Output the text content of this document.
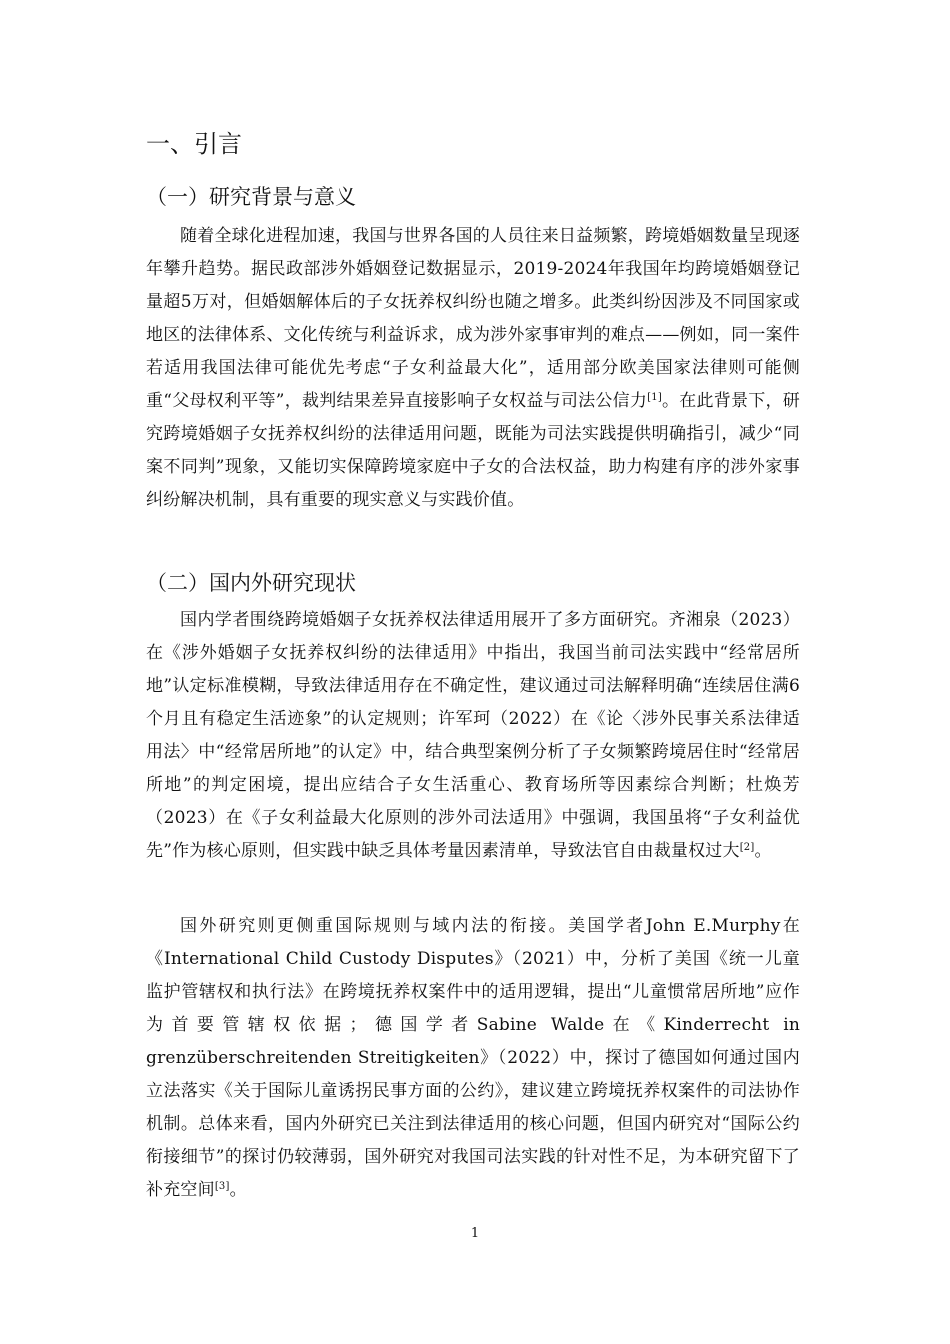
一、引言
（一）研究背景与意义

随着全球化进程加速，我国与世界各国的人员往来日益频繁，跨境婚姻数量呈现逐年攀升趋势。据民政部涉外婚姻登记数据显示，2019-2024年我国年均跨境婚姻登记量超5万对，但婚姻解体后的子女抚养权纠纷也随之增多。此类纠纷因涉及不同国家或地区的法律体系、文化传统与利益诉求，成为涉外家事审判的难点——例如，同一案件若适用我国法律可能优先考虑“子女利益最大化”，适用部分欧美国家法律则可能侧重“父母权利平等”，裁判结果差异直接影响子女权益与司法公信力[1]。在此背景下，研究跨境婚姻子女抚养权纠纷的法律适用问题，既能为司法实践提供明确指引，减少“同案不同判”现象，又能切实保障跨境家庭中子女的合法权益，助力构建有序的涉外家事纠纷解决机制，具有重要的现实意义与实践价值。

（二）国内外研究现状

国内学者围绕跨境婚姻子女抚养权法律适用展开了多方面研究。齐湘泉（2023）在《涉外婚姻子女抚养权纠纷的法律适用》中指出，我国当前司法实践中“经常居所地”认定标准模糊，导致法律适用存在不确定性，建议通过司法解释明确“连续居住满6个月且有稳定生活迹象”的认定规则；许军珂（2022）在《论〈涉外民事关系法律适用法〉中“经常居所地”的认定》中，结合典型案例分析了子女频繁跨境居住时“经常居所地”的判定困境，提出应结合子女生活重心、教育场所等因素综合判断；杜焕芳（2023）在《子女利益最大化原则的涉外司法适用》中强调，我国虽将“子女利益优先”作为核心原则，但实践中缺乏具体考量因素清单，导致法官自由裁量权过大[2]。

国外研究则更侧重国际规则与域内法的衔接。美国学者John E.Murphy在《International Child Custody Disputes》（2021）中，分析了美国《统一儿童监护管辖权和执行法》在跨境抚养权案件中的适用逻辑，提出“儿童惯常居所地”应作为首要管辖权依据；德国学者Sabine Walde在《Kinderrecht in grenzüberschreitenden Streitigkeiten》（2022）中，探讨了德国如何通过国内立法落实《关于国际儿童诱拐民事方面的公约》，建议建立跨境抚养权案件的司法协作机制。总体来看，国内外研究已关注到法律适用的核心问题，但国内研究对“国际公约衔接细节”的探讨仍较薄弱，国外研究对我国司法实践的针对性不足，为本研究留下了补充空间[3]。

1
